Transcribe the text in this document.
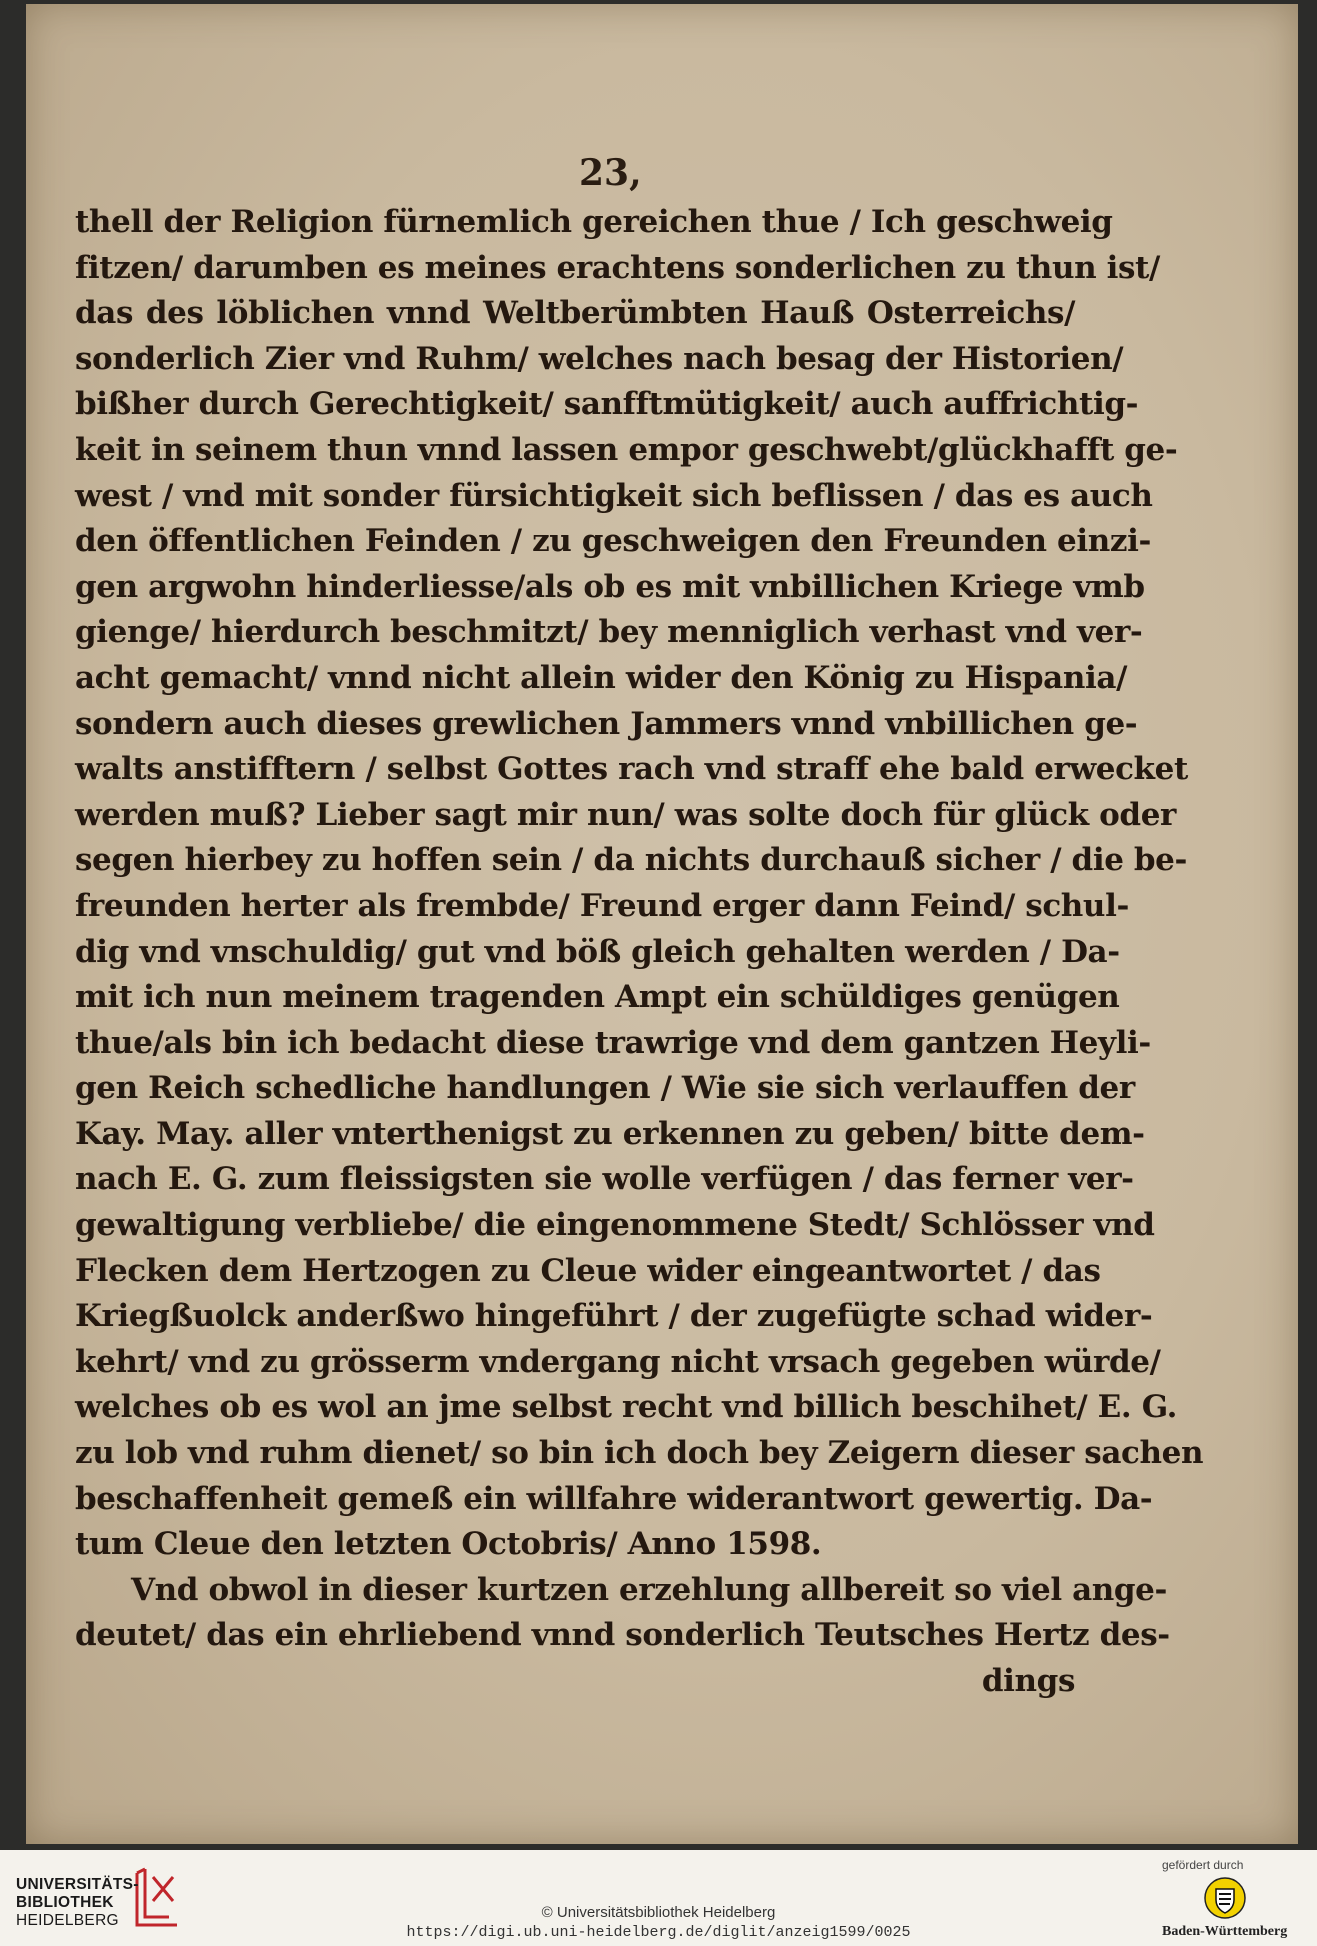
23,
thell der Religion fürnemlich gereichen thue / Ich geschweig
fitzen/ darumben es meines erachtens sonderlichen zu thun ist/
das des löblichen vnnd Weltberümbten Hauß Osterreichs/
sonderlich Zier vnd Ruhm/ welches nach besag der Historien/
bißher durch Gerechtigkeit/ sanfftmütigkeit/ auch auffrichtig-
keit in seinem thun vnnd lassen empor geschwebt/glückhafft ge-
west / vnd mit sonder fürsichtigkeit sich beflissen / das es auch
den öffentlichen Feinden / zu geschweigen den Freunden einzi-
gen argwohn hinderliesse/als ob es mit vnbillichen Kriege vmb
gienge/ hierdurch beschmitzt/ bey menniglich verhast vnd ver-
acht gemacht/ vnnd nicht allein wider den König zu Hispania/
sondern auch dieses grewlichen Jammers vnnd vnbillichen ge-
walts anstifftern / selbst Gottes rach vnd straff ehe bald erwecket
werden muß? Lieber sagt mir nun/ was solte doch für glück oder
segen hierbey zu hoffen sein / da nichts durchauß sicher / die be-
freunden herter als frembde/ Freund erger dann Feind/ schul-
dig vnd vnschuldig/ gut vnd böß gleich gehalten werden / Da-
mit ich nun meinem tragenden Ampt ein schüldiges genügen
thue/als bin ich bedacht diese trawrige vnd dem gantzen Heyli-
gen Reich schedliche handlungen / Wie sie sich verlauffen der
Kay. May. aller vnterthenigst zu erkennen zu geben/ bitte dem-
nach E. G. zum fleissigsten sie wolle verfügen / das ferner ver-
gewaltigung verbliebe/ die eingenommene Stedt/ Schlösser vnd
Flecken dem Hertzogen zu Cleue wider eingeantwortet / das
Kriegßuolck anderßwo hingeführt / der zugefügte schad wider-
kehrt/ vnd zu grösserm vndergang nicht vrsach gegeben würde/
welches ob es wol an jme selbst recht vnd billich beschihet/ E. G.
zu lob vnd ruhm dienet/ so bin ich doch bey Zeigern dieser sachen
beschaffenheit gemeß ein willfahre widerantwort gewertig. Da-
tum Cleue den letzten Octobris/ Anno 1598.
Vnd obwol in dieser kurtzen erzehlung allbereit so viel ange-
deutet/ das ein ehrliebend vnnd sonderlich Teutsches Hertz des-
dings
UNIVERSITÄTS-
BIBLIOTHEK
HEIDELBERG	© Universitätsbibliothek Heidelberg
https://digi.ub.uni-heidelberg.de/diglit/anzeig1599/0025
gefördert durch
Baden-Württemberg
